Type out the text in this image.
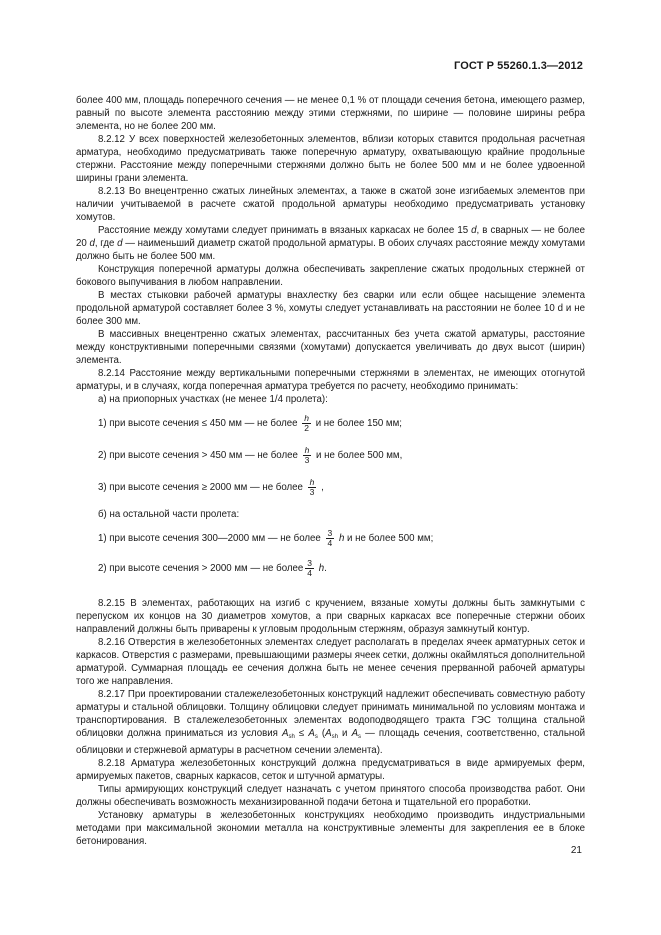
ГОСТ Р 55260.1.3—2012

более 400 мм, площадь поперечного сечения — не менее 0,1 % от площади сечения бетона, имеющего размер, равный по высоте элемента расстоянию между этими стержнями, по ширине — половине ширины ребра элемента, но не более 200 мм.

8.2.12 У всех поверхностей железобетонных элементов, вблизи которых ставится продольная расчетная арматура, необходимо предусматривать также поперечную арматуру, охватывающую крайние продольные стержни. Расстояние между поперечными стержнями должно быть не более 500 мм и не более удвоенной ширины грани элемента.

8.2.13 Во внецентренно сжатых линейных элементах, а также в сжатой зоне изгибаемых элементов при наличии учитываемой в расчете сжатой продольной арматуры необходимо предусматривать установку хомутов.

Расстояние между хомутами следует принимать в вязаных каркасах не более 15 d, в сварных — не более 20 d, где d — наименьший диаметр сжатой продольной арматуры. В обоих случаях расстояние между хомутами должно быть не более 500 мм.

Конструкция поперечной арматуры должна обеспечивать закрепление сжатых продольных стержней от бокового выпучивания в любом направлении.

В местах стыковки рабочей арматуры внахлестку без сварки или если общее насыщение элемента продольной арматурой составляет более 3 %, хомуты следует устанавливать на расстоянии не более 10 d и не более 300 мм.

В массивных внецентренно сжатых элементах, рассчитанных без учета сжатой арматуры, расстояние между конструктивными поперечными связями (хомутами) допускается увеличивать до двух высот (ширин) элемента.

8.2.14 Расстояние между вертикальными поперечными стержнями в элементах, не имеющих отогнутой арматуры, и в случаях, когда поперечная арматура требуется по расчету, необходимо принимать:

а) на приопорных участках (не менее 1/4 пролета):

1) при высоте сечения ≤ 450 мм — не более $\frac{h}{2}$ и не более 150 мм;
2) при высоте сечения > 450 мм — не более $\frac{h}{3}$ и не более 500 мм,
3) при высоте сечения ≥ 2000 мм — не более $\frac{h}{3}$ ,

б) на остальной части пролета:

1) при высоте сечения 300—2000 мм — не более $\frac{3}{4}$ h и не более 500 мм;
2) при высоте сечения > 2000 мм — не более $\frac{3}{4} h$.

8.2.15 В элементах, работающих на изгиб с кручением, вязаные хомуты должны быть замкнутыми с перепуском их концов на 30 диаметров хомутов, а при сварных каркасах все поперечные стержни обоих направлений должны быть приварены к угловым продольным стержням, образуя замкнутый контур.

8.2.16 Отверстия в железобетонных элементах следует располагать в пределах ячеек арматурных сеток и каркасов. Отверстия с размерами, превышающими размеры ячеек сетки, должны окаймляться дополнительной арматурой. Суммарная площадь ее сечения должна быть не менее сечения прерванной рабочей арматуры того же направления.

8.2.17 При проектировании сталежелезобетонных конструкций надлежит обеспечивать совместную работу арматуры и стальной облицовки. Толщину облицовки следует принимать минимальной по условиям монтажа и транспортирования. В сталежелезобетонных элементах водоподводящего тракта ГЭС толщина стальной облицовки должна приниматься из условия $A_{sh} \le A_s$ ($A_{sh}$ и $A_s$ — площадь сечения, соответственно, стальной облицовки и стержневой арматуры в расчетном сечении элемента).

8.2.18 Арматура железобетонных конструкций должна предусматриваться в виде армируемых ферм, армируемых пакетов, сварных каркасов, сеток и штучной арматуры.

Типы армирующих конструкций следует назначать с учетом принятого способа производства работ. Они должны обеспечивать возможность механизированной подачи бетона и тщательной его проработки.

Установку арматуры в железобетонных конструкциях необходимо производить индустриальными методами при максимальной экономии металла на конструктивные элементы для закрепления ее в блоке бетонирования.

21
